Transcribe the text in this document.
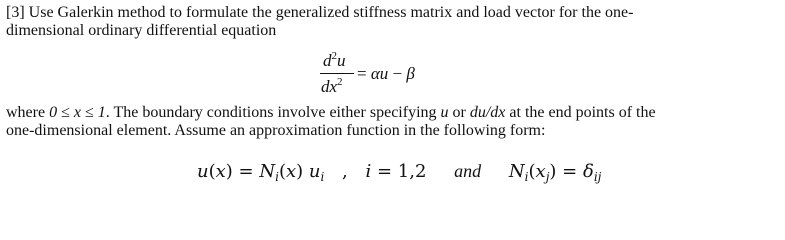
[3] Use Galerkin method to formulate the generalized stiffness matrix and load vector for the one-
dimensional ordinary differential equation
$d^2u$
$dx^2 = \alpha u - \beta$
where 0 ≤ x ≤ 1. The boundary conditions involve either specifying u or du/dx at the end points of the
one-dimensional element. Assume an approximation function in the following form:
$u(x) = N_i(x)$ $u_i$ , i = 1,2 and $N_i(x_j) = \delta_{ij}$
